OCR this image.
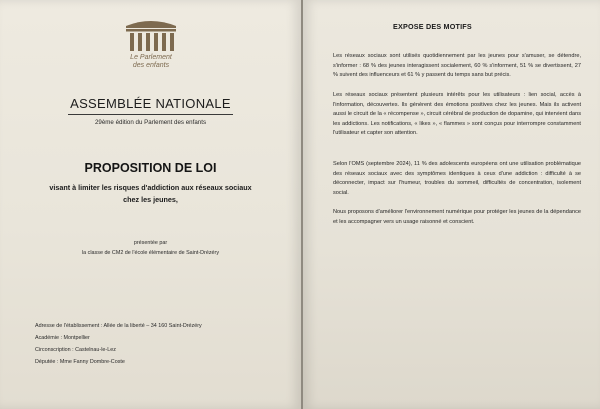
Le Parlement
des enfants
ASSEMBLÉE NATIONALE
29ème édition du Parlement des enfants
PROPOSITION DE LOI
visant à limiter les risques d'addiction aux réseaux sociaux
chez les jeunes,
présentée par
la classe de CM2 de l'école élémentaire de Saint-Drézéry
Adresse de l'établissement : Allée de la liberté – 34 160 Saint-Drézéry
Académie : Montpellier
Circonscription : Castelnau-le-Lez
Députée : Mme Fanny Dombre-Coste
EXPOSE DES MOTIFS

Les réseaux sociaux sont utilisés quotidiennement par les jeunes pour s'amuser, se détendre, s'informer : 68 % des jeunes interagissent socialement, 60 % s'informent, 51 % se divertissent, 27 % suivent des influenceurs et 61 % y passent du temps sans but précis.

Les réseaux sociaux présentent plusieurs intérêts pour les utilisateurs : lien social, accès à l'information, découvertes. Ils génèrent des émotions positives chez les jeunes. Mais ils activent aussi le circuit de la « récompense », circuit cérébral de production de dopamine, qui intervient dans les addictions. Les notifications, « likes », « flammes » sont conçus pour interrompre constamment l'utilisateur et capter son attention.

Selon l'OMS (septembre 2024), 11 % des adolescents européens ont une utilisation problématique des réseaux sociaux avec des symptômes identiques à ceux d'une addiction : difficulté à se déconnecter, impact sur l'humeur, troubles du sommeil, difficultés de concentration, isolement social.

Nous proposons d'améliorer l'environnement numérique pour protéger les jeunes de la dépendance et les accompagner vers un usage raisonné et conscient.
